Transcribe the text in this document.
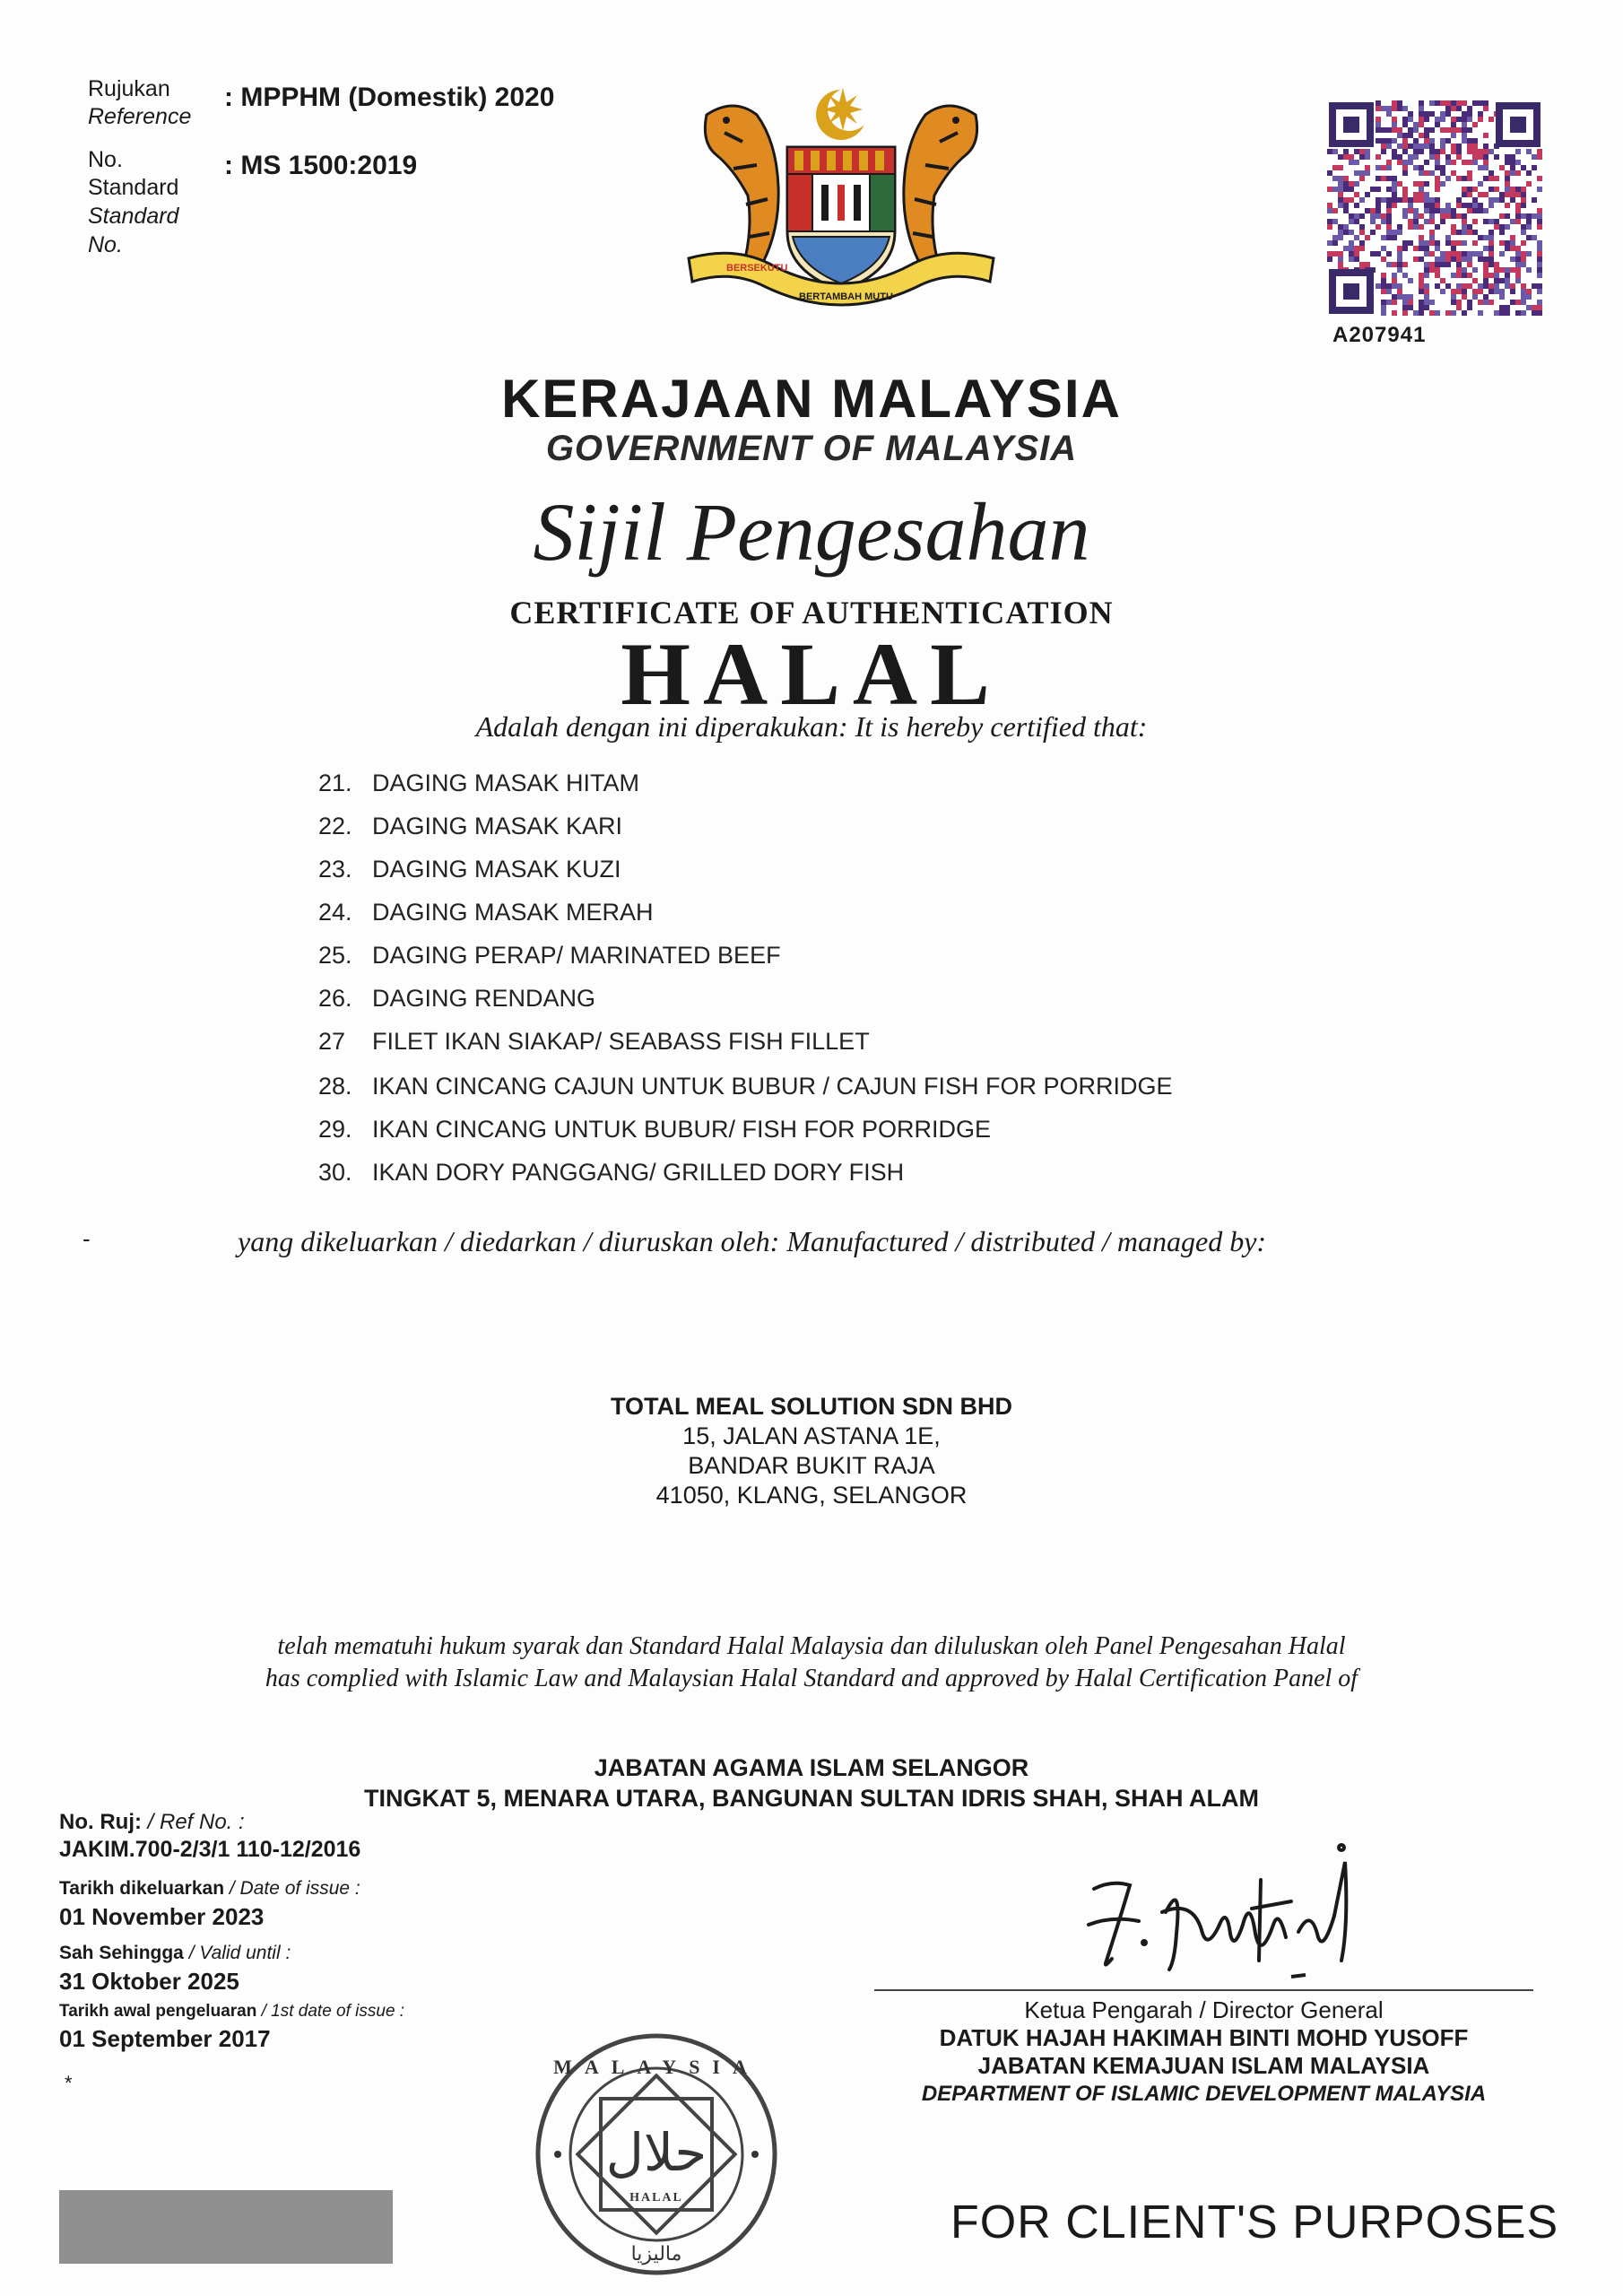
Rujukan
Reference
: MPPHM (Domestik) 2020
No.
Standard
Standard
No.
: MS 1500:2019
BERSEKUTU
BERTAMBAH MUTU
A207941
KERAJAAN MALAYSIA
GOVERNMENT OF MALAYSIA
Sijil Pengesahan
CERTIFICATE OF AUTHENTICATION
HALAL
Adalah dengan ini diperakukan: It is hereby certified that:
21. DAGING MASAK HITAM
22. DAGING MASAK KARI
23. DAGING MASAK KUZI
24. DAGING MASAK MERAH
25. DAGING PERAP/ MARINATED BEEF
26. DAGING RENDANG
27 FILET IKAN SIAKAP/ SEABASS FISH FILLET
28. IKAN CINCANG CAJUN UNTUK BUBUR / CAJUN FISH FOR PORRIDGE
29. IKAN CINCANG UNTUK BUBUR/ FISH FOR PORRIDGE
30. IKAN DORY PANGGANG/ GRILLED DORY FISH
-	yang dikeluarkan / diedarkan / diuruskan oleh: Manufactured / distributed / managed by:
TOTAL MEAL SOLUTION SDN BHD
15, JALAN ASTANA 1E,
BANDAR BUKIT RAJA
41050, KLANG, SELANGOR
telah mematuhi hukum syarak dan Standard Halal Malaysia dan diluluskan oleh Panel Pengesahan Halal
has complied with Islamic Law and Malaysian Halal Standard and approved by Halal Certification Panel of
JABATAN AGAMA ISLAM SELANGOR
TINGKAT 5, MENARA UTARA, BANGUNAN SULTAN IDRIS SHAH, SHAH ALAM
No. Ruj: / Ref No. :
JAKIM.700-2/3/1 110-12/2016
Tarikh dikeluarkan / Date of issue :
01 November 2023
Sah Sehingga / Valid until :
31 Oktober 2025
Tarikh awal pengeluaran / 1st date of issue :
01 September 2017
*
Ketua Pengarah / Director General
DATUK HAJAH HAKIMAH BINTI MOHD YUSOFF
JABATAN KEMAJUAN ISLAM MALAYSIA
DEPARTMENT OF ISLAMIC DEVELOPMENT MALAYSIA
حلال
HALAL
MALAYSIA
ماليزيا
FOR CLIENT'S PURPOSES
